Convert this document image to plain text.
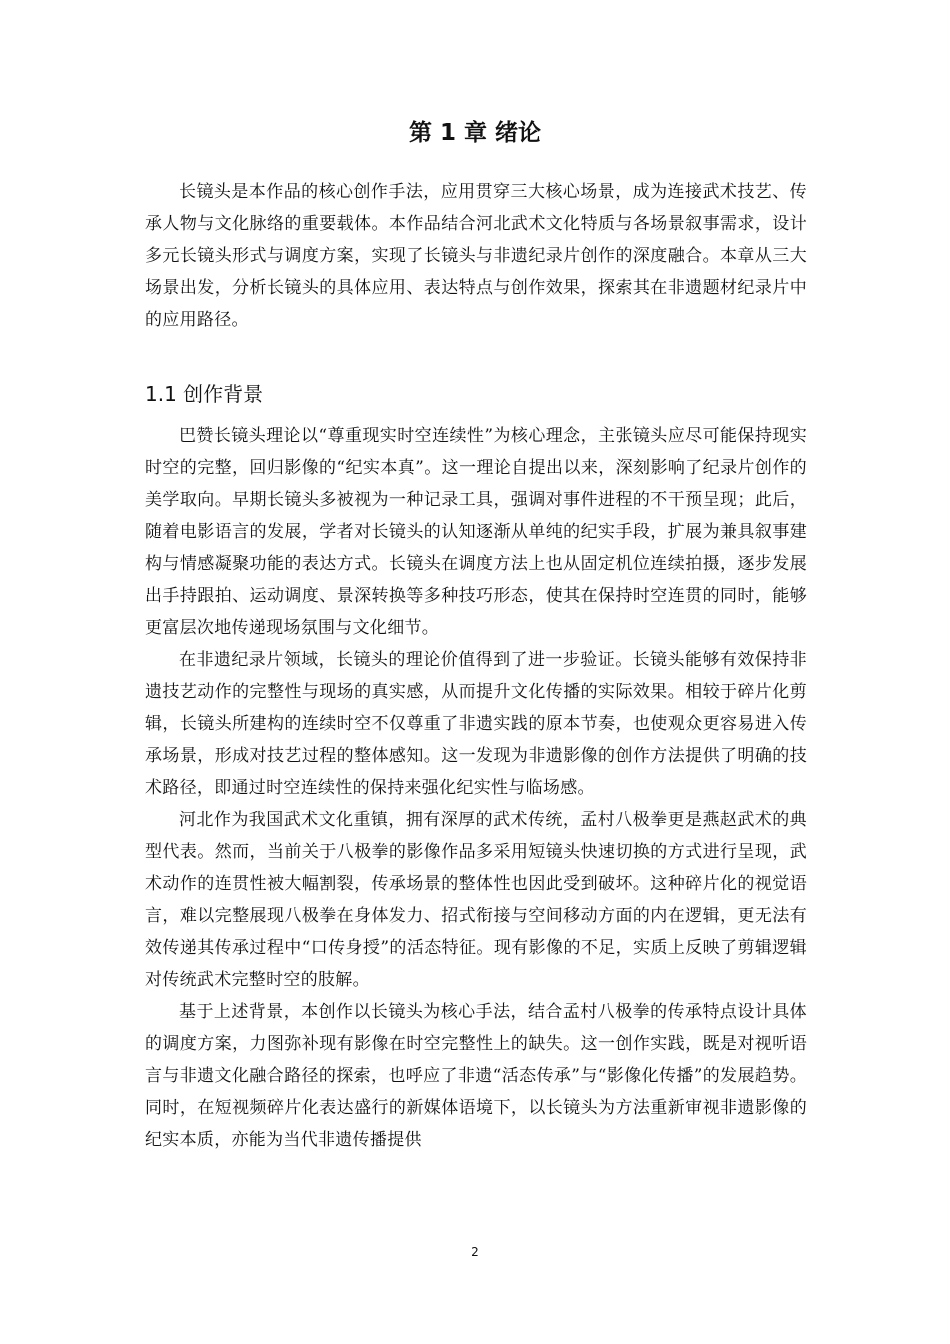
第 1 章 绪论

长镜头是本作品的核心创作手法，应用贯穿三大核心场景，成为连接武术技艺、传承人物与文化脉络的重要载体。本作品结合河北武术文化特质与各场景叙事需求，设计多元长镜头形式与调度方案，实现了长镜头与非遗纪录片创作的深度融合。本章从三大场景出发，分析长镜头的具体应用、表达特点与创作效果，探索其在非遗题材纪录片中的应用路径。

1.1 创作背景

巴赞长镜头理论以“尊重现实时空连续性”为核心理念，主张镜头应尽可能保持现实时空的完整，回归影像的“纪实本真”。这一理论自提出以来，深刻影响了纪录片创作的美学取向。早期长镜头多被视为一种记录工具，强调对事件进程的不干预呈现；此后，随着电影语言的发展，学者对长镜头的认知逐渐从单纯的纪实手段，扩展为兼具叙事建构与情感凝聚功能的表达方式。长镜头在调度方法上也从固定机位连续拍摄，逐步发展出手持跟拍、运动调度、景深转换等多种技巧形态，使其在保持时空连贯的同时，能够更富层次地传递现场氛围与文化细节。

在非遗纪录片领域，长镜头的理论价值得到了进一步验证。长镜头能够有效保持非遗技艺动作的完整性与现场的真实感，从而提升文化传播的实际效果。相较于碎片化剪辑，长镜头所建构的连续时空不仅尊重了非遗实践的原本节奏，也使观众更容易进入传承场景，形成对技艺过程的整体感知。这一发现为非遗影像的创作方法提供了明确的技术路径，即通过时空连续性的保持来强化纪实性与临场感。

河北作为我国武术文化重镇，拥有深厚的武术传统，孟村八极拳更是燕赵武术的典型代表。然而，当前关于八极拳的影像作品多采用短镜头快速切换的方式进行呈现，武术动作的连贯性被大幅割裂，传承场景的整体性也因此受到破坏。这种碎片化的视觉语言，难以完整展现八极拳在身体发力、招式衔接与空间移动方面的内在逻辑，更无法有效传递其传承过程中“口传身授”的活态特征。现有影像的不足，实质上反映了剪辑逻辑对传统武术完整时空的肢解。

基于上述背景，本创作以长镜头为核心手法，结合孟村八极拳的传承特点设计具体的调度方案，力图弥补现有影像在时空完整性上的缺失。这一创作实践，既是对视听语言与非遗文化融合路径的探索，也呼应了非遗“活态传承”与“影像化传播”的发展趋势。同时，在短视频碎片化表达盛行的新媒体语境下，以长镜头为方法重新审视非遗影像的纪实本质，亦能为当代非遗传播提供

2
